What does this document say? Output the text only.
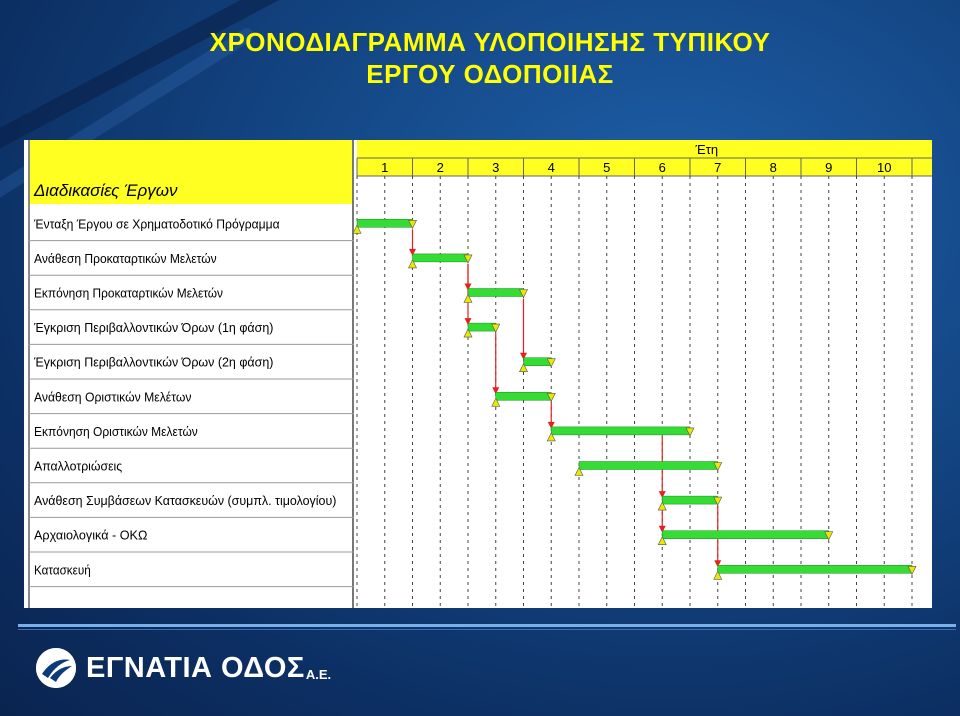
ΧΡΟΝΟΔΙΑΓΡΑΜΜΑ ΥΛΟΠΟΙΗΣΗΣ ΤΥΠΙΚΟΥ
ΕΡΓΟΥ ΟΔΟΠΟΙΙΑΣ
Διαδικασίες Έργων
Ένταξη Έργου σε Χρηματοδοτικό Πρόγραμμα
Ανάθεση Προκαταρτικών Μελετών
Εκπόνηση Προκαταρτικών Μελετών
Έγκριση Περιβαλλοντικών Όρων (1η φάση)
Έγκριση Περιβαλλοντικών Όρων (2η φάση)
Ανάθεση Οριστικών Μελέτων
Εκπόνηση Οριστικών Μελετών
Απαλλοτριώσεις
Ανάθεση Συμβάσεων Κατασκευών (συμπλ. τιμολογίου)
Αρχαιολογικά - ΟΚΩ
Κατασκευή
Έτη
1	2	3	4	5	6	7	8	9	10
ΕΓΝΑΤΙΑ ΟΔΟΣ Α.Ε.
